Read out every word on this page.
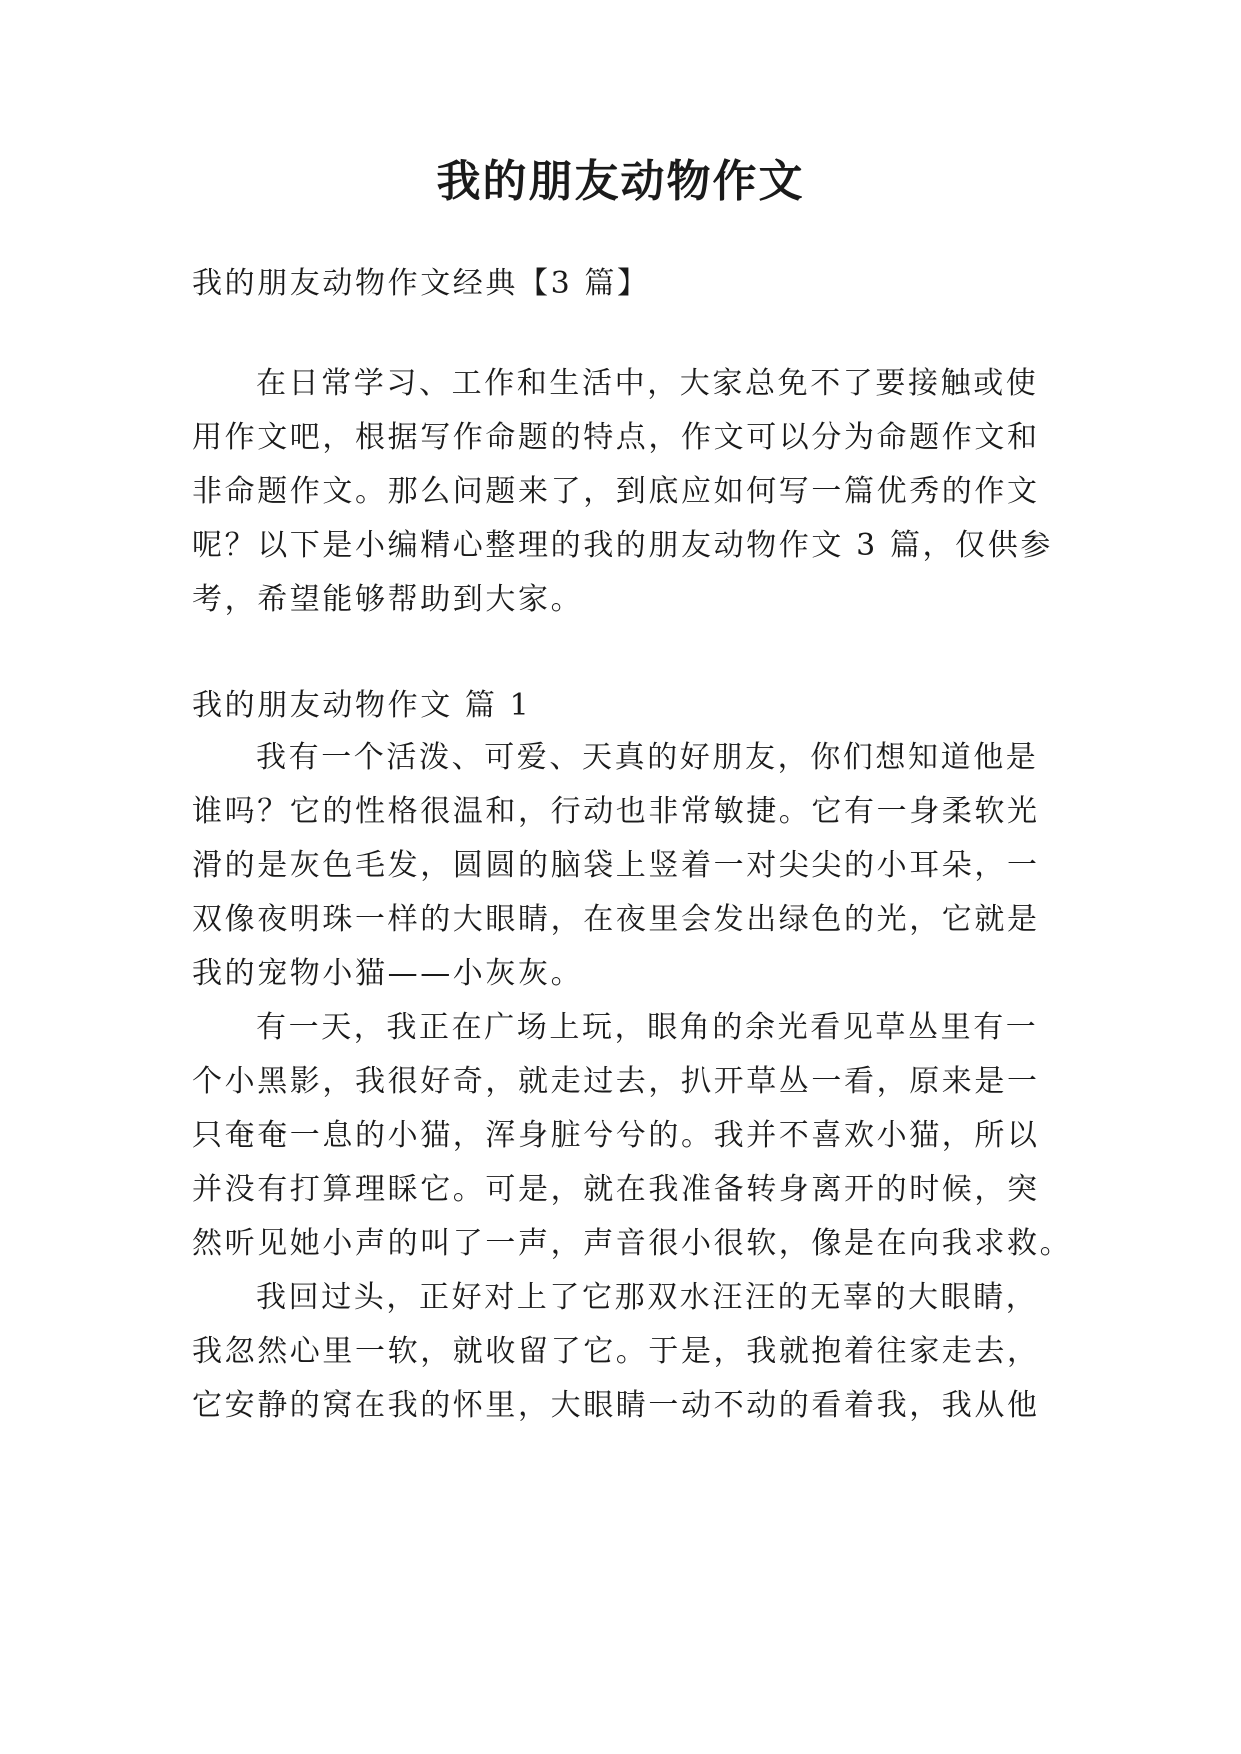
我的朋友动物作文
我的朋友动物作文经典【3 篇】
在日常学习、工作和生活中，大家总免不了要接触或使
用作文吧，根据写作命题的特点，作文可以分为命题作文和
非命题作文。那么问题来了，到底应如何写一篇优秀的作文
呢？以下是小编精心整理的我的朋友动物作文 3 篇，仅供参
考，希望能够帮助到大家。
我的朋友动物作文 篇 1
我有一个活泼、可爱、天真的好朋友，你们想知道他是
谁吗？它的性格很温和，行动也非常敏捷。它有一身柔软光
滑的是灰色毛发，圆圆的脑袋上竖着一对尖尖的小耳朵，一
双像夜明珠一样的大眼睛，在夜里会发出绿色的光，它就是
我的宠物小猫——小灰灰。
有一天，我正在广场上玩，眼角的余光看见草丛里有一
个小黑影，我很好奇，就走过去，扒开草丛一看，原来是一
只奄奄一息的小猫，浑身脏兮兮的。我并不喜欢小猫，所以
并没有打算理睬它。可是，就在我准备转身离开的时候，突
然听见她小声的叫了一声，声音很小很软，像是在向我求救。
我回过头，正好对上了它那双水汪汪的无辜的大眼睛，
我忽然心里一软，就收留了它。于是，我就抱着往家走去，
它安静的窝在我的怀里，大眼睛一动不动的看着我，我从他
